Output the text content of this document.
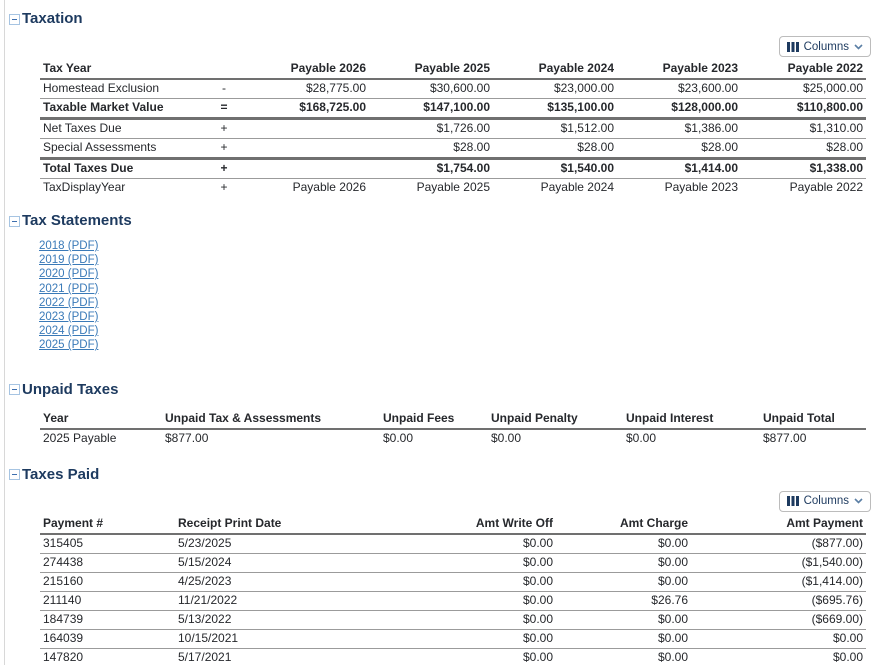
Taxation
Columns
Tax Year		Payable 2026	Payable 2025	Payable 2024	Payable 2023	Payable 2022
Homestead Exclusion	-	$28,775.00	$30,600.00	$23,000.00	$23,600.00	$25,000.00
Taxable Market Value	=	$168,725.00	$147,100.00	$135,100.00	$128,000.00	$110,800.00
Net Taxes Due	+		$1,726.00	$1,512.00	$1,386.00	$1,310.00
Special Assessments	+		$28.00	$28.00	$28.00	$28.00
Total Taxes Due	+		$1,754.00	$1,540.00	$1,414.00	$1,338.00
TaxDisplayYear	+	Payable 2026	Payable 2025	Payable 2024	Payable 2023	Payable 2022
Tax Statements
2018 (PDF)
2019 (PDF)
2020 (PDF)
2021 (PDF)
2022 (PDF)
2023 (PDF)
2024 (PDF)
2025 (PDF)
Unpaid Taxes
Year	Unpaid Tax & Assessments	Unpaid Fees	Unpaid Penalty	Unpaid Interest	Unpaid Total
2025 Payable	$877.00	$0.00	$0.00	$0.00	$877.00
Taxes Paid
Columns
Payment #	Receipt Print Date	Amt Write Off	Amt Charge	Amt Payment
315405	5/23/2025	$0.00	$0.00	($877.00)
274438	5/15/2024	$0.00	$0.00	($1,540.00)
215160	4/25/2023	$0.00	$0.00	($1,414.00)
211140	11/21/2022	$0.00	$26.76	($695.76)
184739	5/13/2022	$0.00	$0.00	($669.00)
164039	10/15/2021	$0.00	$0.00	$0.00
147820	5/17/2021	$0.00	$0.00	$0.00
